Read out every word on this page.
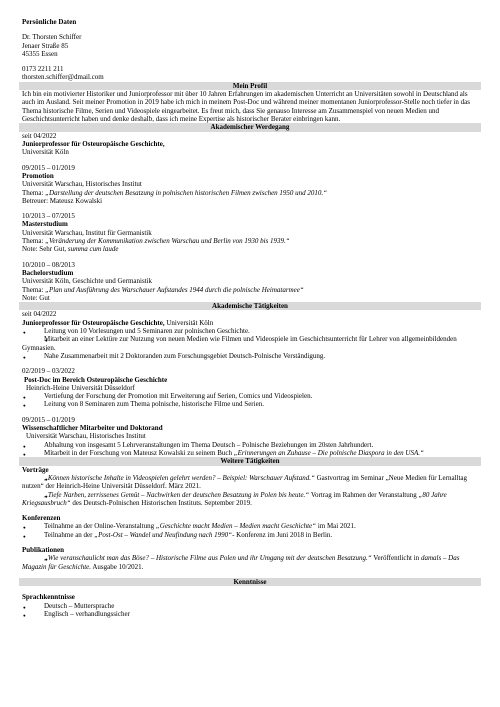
Persönliche Daten
Dr. Thorsten Schiffer
Jenaer Straße 85
45355 Essen
0173 2211 211
thorsten.schiffer@dmail.com
Mein Profil
Ich bin ein motivierter Historiker und Juniorprofessor mit über 10 Jahren Erfahrungen im akademischen Unterricht an Universitäten sowohl in Deutschland als auch im Ausland. Seit meiner Promotion in 2019 habe ich mich in meinem Post-Doc und während meiner momentanen Juniorprofessor-Stelle noch tiefer in das Thema historische Filme, Serien und Videospiele eingearbeitet. Es freut mich, dass Sie genauso Interesse am Zusammenspiel von neuen Medien und Geschichtsunterricht haben und denke deshalb, dass ich meine Expertise als historischer Berater einbringen kann.
Akademischer Werdegang
seit 04/2022
Juniorprofessor für Osteuropäische Geschichte,
Universität Köln
09/2015 – 01/2019
Promotion
Universität Warschau, Historisches Institut
Thema: „Darstellung der deutschen Besatzung in polnischen historischen Filmen zwischen 1950 und 2010.“
Betreuer: Mateusz Kowalski
10/2013 – 07/2015
Masterstudium
Universität Warschau, Institut für Germanistik
Thema: „Veränderung der Kommunikation zwischen Warschau und Berlin von 1930 bis 1939.“
Note: Sehr Gut, summa cum laude
10/2010 – 08/2013
Bachelorstudium
Universität Köln, Geschichte und Germanistik
Thema: „Plan und Ausführung des Warschauer Aufstandes 1944 durch die polnische Heimatarmee“
Note: Gut
Akademische Tätigkeiten
seit 04/2022
Juniorprofessor für Osteuropäische Geschichte, Universität Köln
● Leitung von 10 Vorlesungen und 5 Seminaren zur polnischen Geschichte.
● Mitarbeit an einer Lektüre zur Nutzung von neuen Medien wie Filmen und Videospiele im Geschichtsunterricht für Lehrer von allgemeinbildenden Gymnasien.
● Nahe Zusammenarbeit mit 2 Doktoranden zum Forschungsgebiet Deutsch-Polnische Verständigung.
02/2019 – 03/2022
Post-Doc im Bereich Osteuropäische Geschichte
Heinrich-Heine Universität Düsseldorf
● Vertiefung der Forschung der Promotion mit Erweiterung auf Serien, Comics und Videospielen.
● Leitung von 8 Seminaren zum Thema polnische, historische Filme und Serien.
09/2015 – 01/2019
Wissenschaftlicher Mitarbeiter und Doktorand
Universität Warschau, Historisches Institut
● Abhaltung von insgesamt 5 Lehrveranstaltungen im Thema Deutsch – Polnische Beziehungen im 20sten Jahrhundert.
● Mitarbeit in der Forschung von Mateusz Kowalski zu seinem Buch „Erinnerungen an Zuhause – Die polnische Diaspora in den USA.“
Weitere Tätigkeiten
Vorträge
● „Können historische Inhalte in Videospielen gelehrt werden? – Beispiel: Warschauer Aufstand.“ Gastvortrag im Seminar „Neue Medien für Lernalltag nutzen“ der Heinrich-Heine Universität Düsseldorf. März 2021.
● „Tiefe Narben, zerrissenes Gemüt – Nachwirken der deutschen Besatzung in Polen bis heute.“ Vortrag im Rahmen der Veranstaltung „80 Jahre Kriegsausbruch“ des Deutsch-Polnischen Historischen Instituts. September 2019.
Konferenzen
● Teilnahme an der Online-Veranstaltung „Geschichte macht Medien – Medien macht Geschichte“ im Mai 2021.
● Teilnahme an der „Post-Ost – Wandel und Neufindung nach 1990“- Konferenz im Juni 2018 in Berlin.
Publikationen
● „Wie veranschaulicht man das Böse? – Historische Filme aus Polen und ihr Umgang mit der deutschen Besatzung.“ Veröffentlicht in damals – Das Magazin für Geschichte. Ausgabe 10/2021.
Kenntnisse
Sprachkenntnisse
● Deutsch – Muttersprache
● Englisch – verhandlungssicher
